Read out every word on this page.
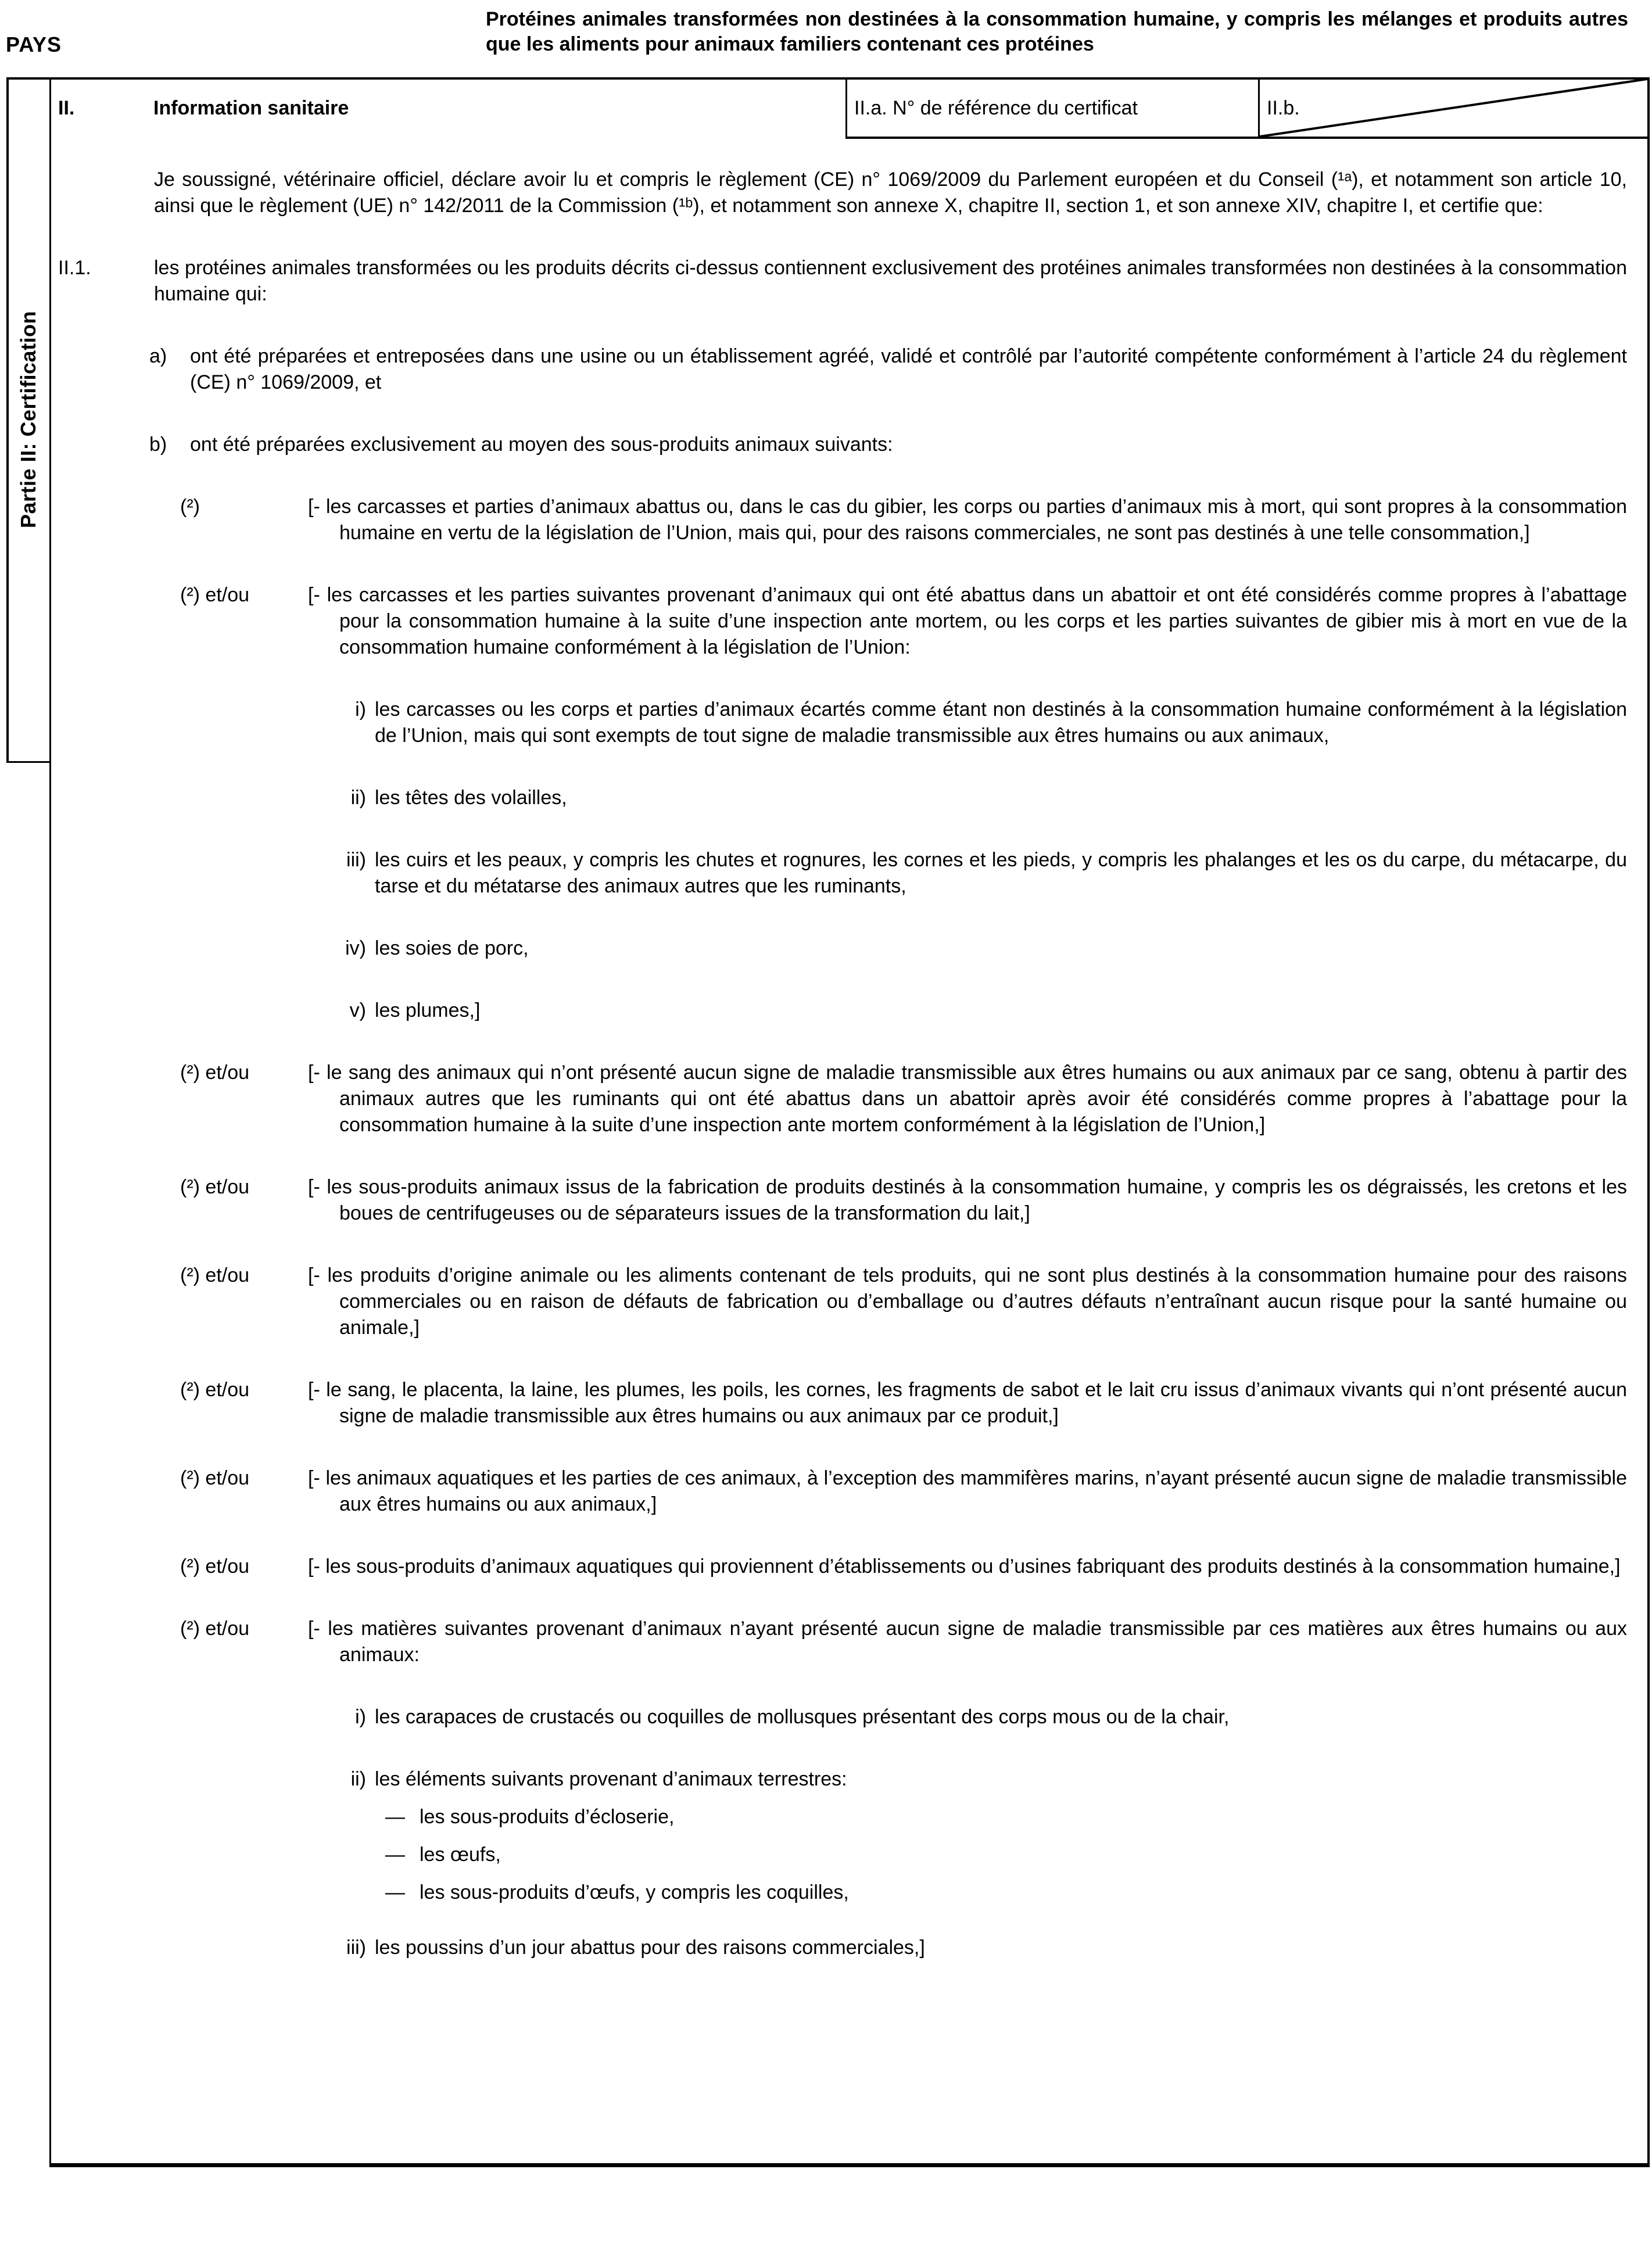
PAYS
Protéines animales transformées non destinées à la consommation humaine, y compris les mélanges et produits autres que les aliments pour animaux familiers contenant ces protéines
Partie II: Certification
II.	Information sanitaire	II.a. N° de référence du certificat	II.b.
Je soussigné, vétérinaire officiel, déclare avoir lu et compris le règlement (CE) n° 1069/2009 du Parlement européen et du Conseil (¹ᵃ), et notamment son article 10, ainsi que le règlement (UE) n° 142/2011 de la Commission (¹ᵇ), et notamment son annexe X, chapitre II, section 1, et son annexe XIV, chapitre I, et certifie que:
II.1.	les protéines animales transformées ou les produits décrits ci-dessus contiennent exclusivement des protéines animales transformées non destinées à la consommation humaine qui:
a) ont été préparées et entreposées dans une usine ou un établissement agréé, validé et contrôlé par l’autorité compétente conformément à l’article 24 du règlement (CE) n° 1069/2009, et
b) ont été préparées exclusivement au moyen des sous-produits animaux suivants:
(²)	[- les carcasses et parties d’animaux abattus ou, dans le cas du gibier, les corps ou parties d’animaux mis à mort, qui sont propres à la consommation humaine en vertu de la législation de l’Union, mais qui, pour des raisons commerciales, ne sont pas destinés à une telle consommation,]
(²) et/ou	[- les carcasses et les parties suivantes provenant d’animaux qui ont été abattus dans un abattoir et ont été considérés comme propres à l’abattage pour la consommation humaine à la suite d’une inspection ante mortem, ou les corps et les parties suivantes de gibier mis à mort en vue de la consommation humaine conformément à la législation de l’Union:
i) les carcasses ou les corps et parties d’animaux écartés comme étant non destinés à la consommation humaine conformément à la législation de l’Union, mais qui sont exempts de tout signe de maladie transmissible aux êtres humains ou aux animaux,
ii) les têtes des volailles,
iii) les cuirs et les peaux, y compris les chutes et rognures, les cornes et les pieds, y compris les phalanges et les os du carpe, du métacarpe, du tarse et du métatarse des animaux autres que les ruminants,
iv) les soies de porc,
v) les plumes,]
(²) et/ou	[- le sang des animaux qui n’ont présenté aucun signe de maladie transmissible aux êtres humains ou aux animaux par ce sang, obtenu à partir des animaux autres que les ruminants qui ont été abattus dans un abattoir après avoir été considérés comme propres à l’abattage pour la consommation humaine à la suite d’une inspection ante mortem conformément à la législation de l’Union,]
(²) et/ou	[- les sous-produits animaux issus de la fabrication de produits destinés à la consommation humaine, y compris les os dégraissés, les cretons et les boues de centrifugeuses ou de séparateurs issues de la transformation du lait,]
(²) et/ou	[- les produits d’origine animale ou les aliments contenant de tels produits, qui ne sont plus destinés à la consommation humaine pour des raisons commerciales ou en raison de défauts de fabrication ou d’emballage ou d’autres défauts n’entraînant aucun risque pour la santé humaine ou animale,]
(²) et/ou	[- le sang, le placenta, la laine, les plumes, les poils, les cornes, les fragments de sabot et le lait cru issus d’animaux vivants qui n’ont présenté aucun signe de maladie transmissible aux êtres humains ou aux animaux par ce produit,]
(²) et/ou	[- les animaux aquatiques et les parties de ces animaux, à l’exception des mammifères marins, n’ayant présenté aucun signe de maladie transmissible aux êtres humains ou aux animaux,]
(²) et/ou	[- les sous-produits d’animaux aquatiques qui proviennent d’établissements ou d’usines fabriquant des produits destinés à la consommation humaine,]
(²) et/ou	[- les matières suivantes provenant d’animaux n’ayant présenté aucun signe de maladie transmissible par ces matières aux êtres humains ou aux animaux:
i) les carapaces de crustacés ou coquilles de mollusques présentant des corps mous ou de la chair,
ii) les éléments suivants provenant d’animaux terrestres:
— les sous-produits d’écloserie,
— les œufs,
— les sous-produits d’œufs, y compris les coquilles,
iii) les poussins d’un jour abattus pour des raisons commerciales,]
